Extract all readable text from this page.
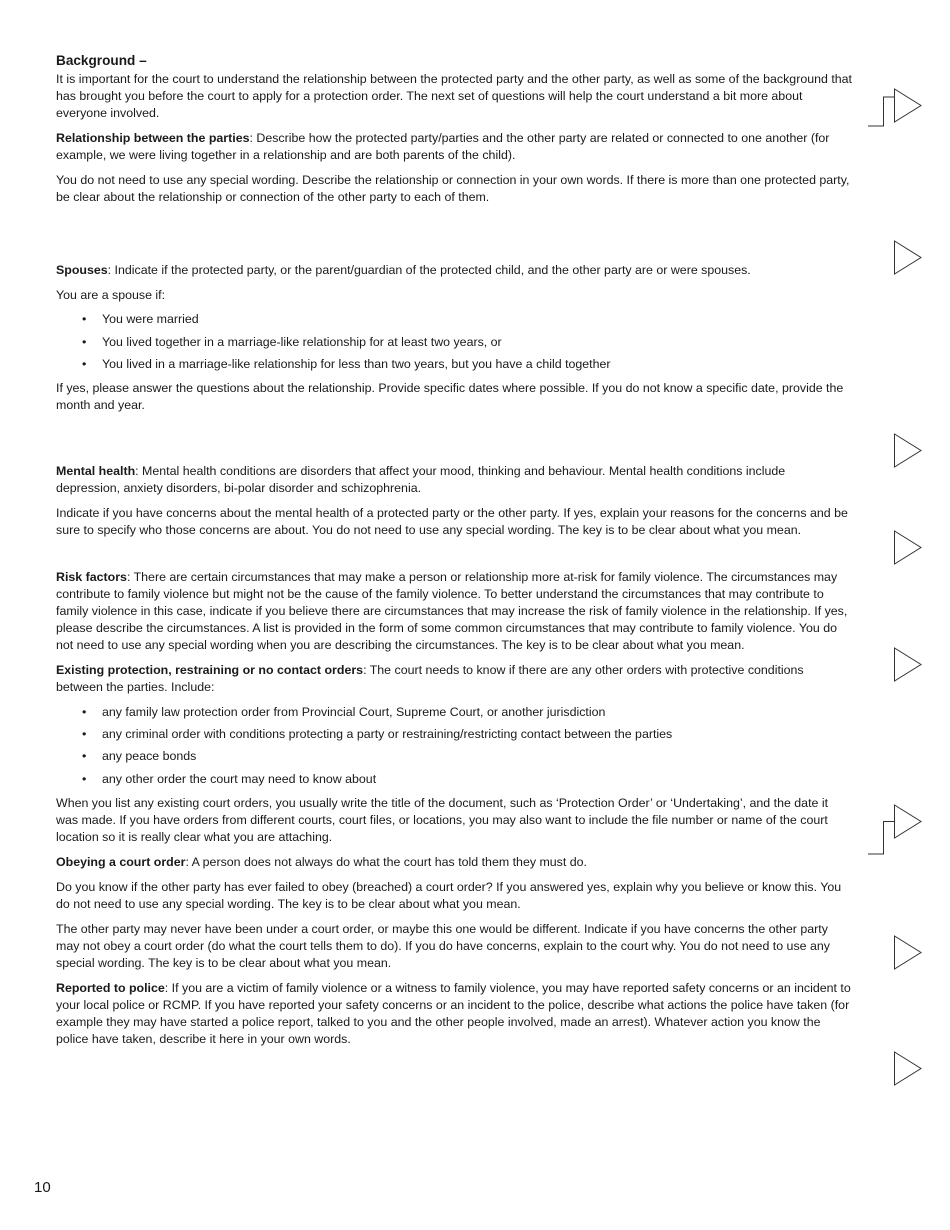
Background –

It is important for the court to understand the relationship between the protected party and the other party, as well as some of the background that has brought you before the court to apply for a protection order. The next set of questions will help the court understand a bit more about everyone involved.

Relationship between the parties: Describe how the protected party/parties and the other party are related or connected to one another (for example, we were living together in a relationship and are both parents of the child).

You do not need to use any special wording. Describe the relationship or connection in your own words. If there is more than one protected party, be clear about the relationship or connection of the other party to each of them.

Spouses: Indicate if the protected party, or the parent/guardian of the protected child, and the other party are or were spouses.

You are a spouse if:

• You were married
• You lived together in a marriage-like relationship for at least two years, or
• You lived in a marriage-like relationship for less than two years, but you have a child together

If yes, please answer the questions about the relationship. Provide specific dates where possible. If you do not know a specific date, provide the month and year.

Mental health: Mental health conditions are disorders that affect your mood, thinking and behaviour. Mental health conditions include depression, anxiety disorders, bi-polar disorder and schizophrenia.

Indicate if you have concerns about the mental health of a protected party or the other party. If yes, explain your reasons for the concerns and be sure to specify who those concerns are about. You do not need to use any special wording. The key is to be clear about what you mean.

Risk factors: There are certain circumstances that may make a person or relationship more at-risk for family violence. The circumstances may contribute to family violence but might not be the cause of the family violence. To better understand the circumstances that may contribute to family violence in this case, indicate if you believe there are circumstances that may increase the risk of family violence in the relationship. If yes, please describe the circumstances. A list is provided in the form of some common circumstances that may contribute to family violence. You do not need to use any special wording when you are describing the circumstances. The key is to be clear about what you mean.

Existing protection, restraining or no contact orders: The court needs to know if there are any other orders with protective conditions between the parties. Include:

• any family law protection order from Provincial Court, Supreme Court, or another jurisdiction
• any criminal order with conditions protecting a party or restraining/restricting contact between the parties
• any peace bonds
• any other order the court may need to know about

When you list any existing court orders, you usually write the title of the document, such as ‘Protection Order’ or ‘Undertaking’, and the date it was made. If you have orders from different courts, court files, or locations, you may also want to include the file number or name of the court location so it is really clear what you are attaching.

Obeying a court order: A person does not always do what the court has told them they must do.

Do you know if the other party has ever failed to obey (breached) a court order? If you answered yes, explain why you believe or know this. You do not need to use any special wording. The key is to be clear about what you mean.

The other party may never have been under a court order, or maybe this one would be different. Indicate if you have concerns the other party may not obey a court order (do what the court tells them to do). If you do have concerns, explain to the court why. You do not need to use any special wording. The key is to be clear about what you mean.

Reported to police: If you are a victim of family violence or a witness to family violence, you may have reported safety concerns or an incident to your local police or RCMP. If you have reported your safety concerns or an incident to the police, describe what actions the police have taken (for example they may have started a police report, talked to you and the other people involved, made an arrest). Whatever action you know the police have taken, describe it here in your own words.

10
